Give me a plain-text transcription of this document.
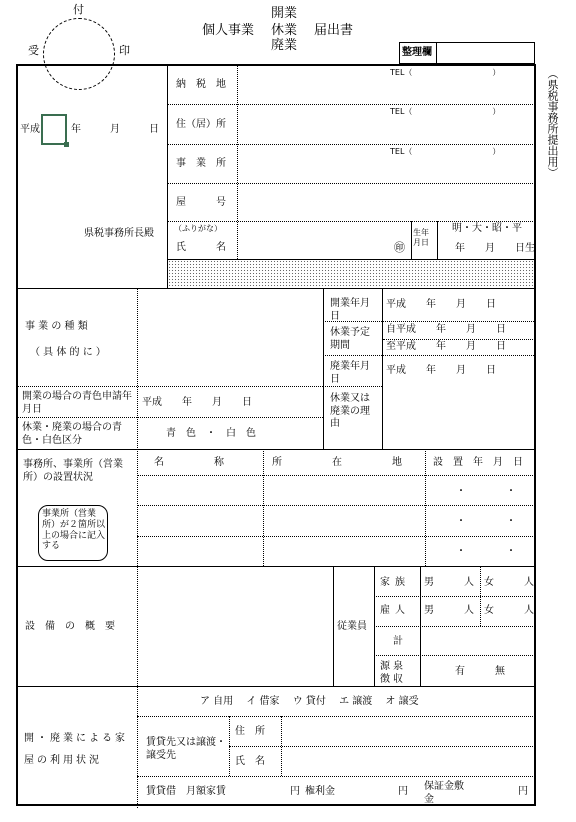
付
受	印
開業
個人事業 休業 届出書
廃業	整理欄
（県税事務所提出用）
平成	年	月	日
県税事務所長殿
納　税　地
TEL（　　　　　　　　　　）
住（居）所
TEL（　　　　　　　　　　）
事　業　所
TEL（　　　　　　　　　　）
屋　　　号
（ふりがな）
氏　　　名	㊞
生年月日
明・大・昭・平
年　　月　　日生
事 業 の 種 類
（ 具 体 的 に ）
開業年月日
平成　　年　　月　　日
休業予定期間
自平成　　年　　月　　日
至平成　　年　　月　　日
廃業年月日
平成　　年　　月　　日
開業の場合の青色申請年月日
平成　　年　　月　　日
休業・廃業の場合の青色・白色区分
青　色　・　白　色
休業又は廃業の理由
事務所、事業所（営業所）の設置状況
事業所（営業所）が２箇所以上の場合に記入する
名　　　　　称	所　　　　　在　　　　　地	設　置　年　月　日
・　　　　・
・　　　　・
・　　　　・
設　備　の　概　要	従業員
家族 男　　　人 女　　　人
雇人 男　　　人 女　　　人
計
源泉徴収
有　　　無
開・廃業による家屋の利用状況
ア 自用　 イ 借家　 ウ 貸付　 エ 譲渡　 オ 譲受
賃貸先又は譲渡・譲受先
住　所
氏　名
賃貸借　月額家賃	円 権利金	円 保証金敷　金
円
